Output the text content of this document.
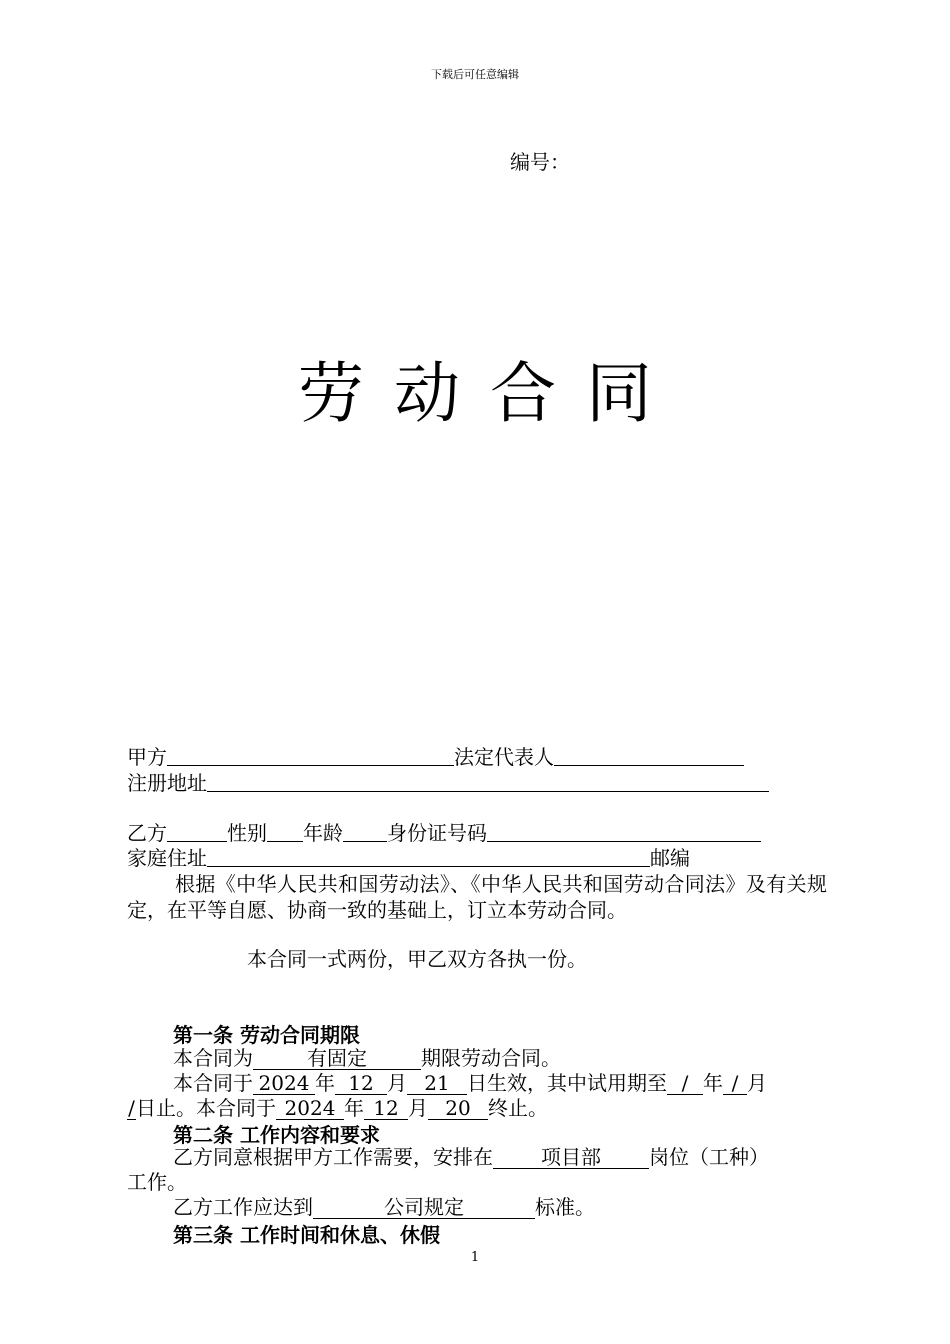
下载后可任意编辑
编号：
劳动合同
甲方	法定代表人
注册地址
乙方	性别 年龄 身份证号码
家庭住址	邮编
根据《中华人民共和国劳动法》、《中华人民共和国劳动合同法》及有关规定，在平等自愿、协商一致的基础上，订立本劳动合同。
本合同一式两份，甲乙双方各执一份。
第一条 劳动合同期限
本合同为	有固定	期限劳动合同。
本合同于 2024 年 12 月 21 日生效，其中试用期至 / 年 / 月
/日止。本合同于 2024 年 12 月 20 终止。
第二条 工作内容和要求
乙方同意根据甲方工作需要，安排在 项目部 岗位（工种）
工作。
乙方工作应达到	公司规定	标准。
第三条 工作时间和休息、休假
1
